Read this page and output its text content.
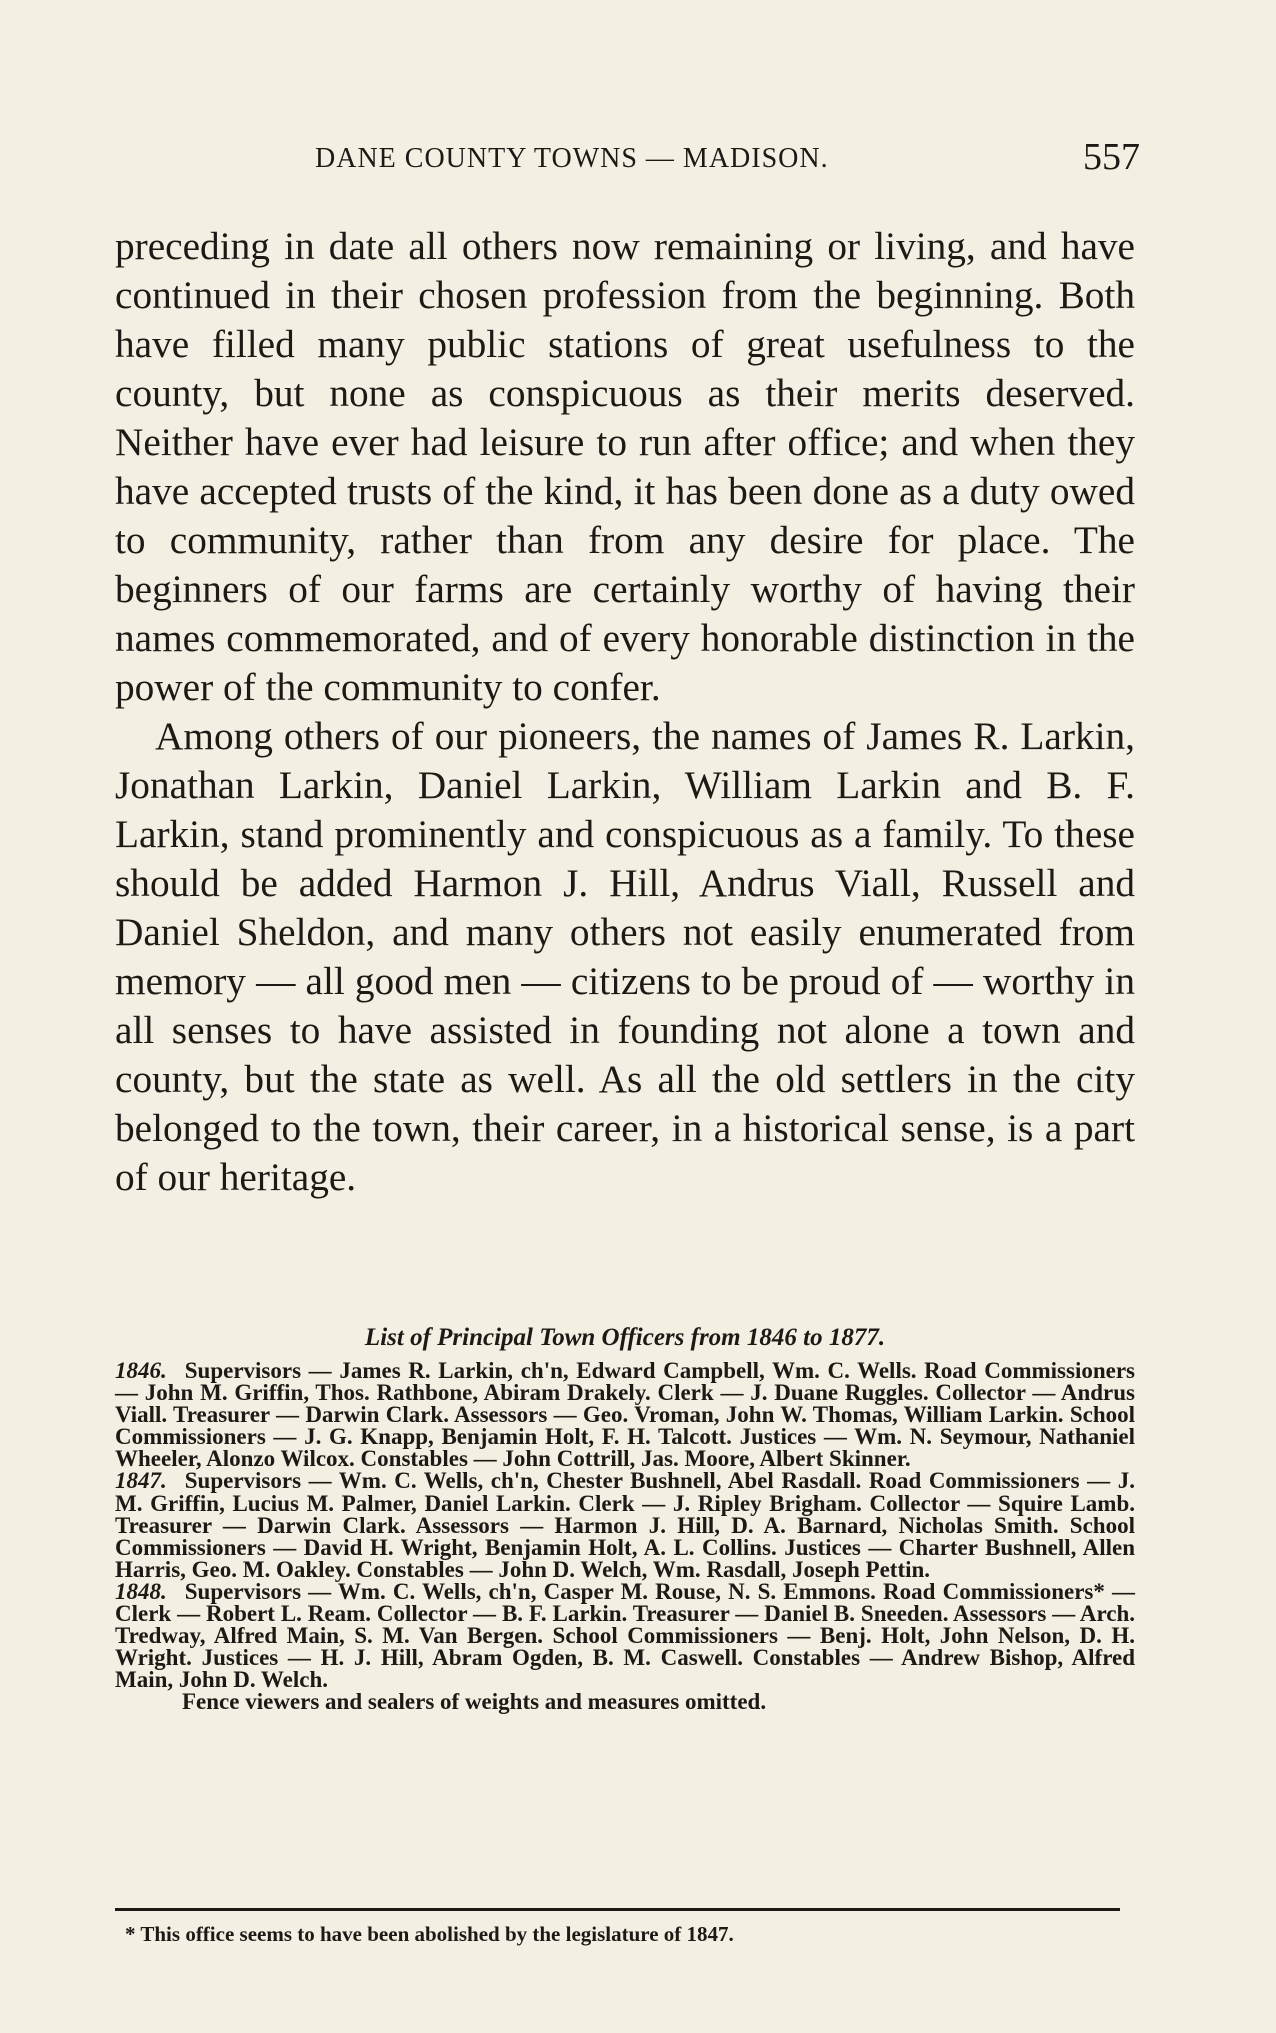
DANE COUNTY TOWNS — MADISON.	557

preceding in date all others now remaining or living, and have continued in their chosen profession from the beginning. Both have filled many public stations of great usefulness to the county, but none as conspicuous as their merits deserved. Neither have ever had leisure to run after office; and when they have accepted trusts of the kind, it has been done as a duty owed to community, rather than from any desire for place. The beginners of our farms are certainly worthy of having their names commemorated, and of every honorable distinction in the power of the community to confer.

Among others of our pioneers, the names of James R. Larkin, Jonathan Larkin, Daniel Larkin, William Larkin and B. F. Larkin, stand prominently and conspicuous as a family. To these should be added Harmon J. Hill, Andrus Viall, Russell and Daniel Sheldon, and many others not easily enumerated from memory — all good men — citizens to be proud of — worthy in all senses to have assisted in founding not alone a town and county, but the state as well. As all the old settlers in the city belonged to the town, their career, in a historical sense, is a part of our heritage.

List of Principal Town Officers from 1846 to 1877.

1846. Supervisors — James R. Larkin, ch'n, Edward Campbell, Wm. C. Wells. Road Commissioners — John M. Griffin, Thos. Rathbone, Abiram Drakely. Clerk — J. Duane Ruggles. Collector — Andrus Viall. Treasurer — Darwin Clark. Assessors — Geo. Vroman, John W. Thomas, William Larkin. School Commissioners — J. G. Knapp, Benjamin Holt, F. H. Talcott. Justices — Wm. N. Seymour, Nathaniel Wheeler, Alonzo Wilcox. Constables — John Cottrill, Jas. Moore, Albert Skinner.

1847. Supervisors — Wm. C. Wells, ch'n, Chester Bushnell, Abel Rasdall. Road Commissioners — J. M. Griffin, Lucius M. Palmer, Daniel Larkin. Clerk — J. Ripley Brigham. Collector — Squire Lamb. Treasurer — Darwin Clark. Assessors — Harmon J. Hill, D. A. Barnard, Nicholas Smith. School Commissioners — David H. Wright, Benjamin Holt, A. L. Collins. Justices — Charter Bushnell, Allen Harris, Geo. M. Oakley. Constables — John D. Welch, Wm. Rasdall, Joseph Pettin.

1848. Supervisors — Wm. C. Wells, ch'n, Casper M. Rouse, N. S. Emmons. Road Commissioners* — Clerk — Robert L. Ream. Collector — B. F. Larkin. Treasurer — Daniel B. Sneeden. Assessors — Arch. Tredway, Alfred Main, S. M. Van Bergen. School Commissioners — Benj. Holt, John Nelson, D. H. Wright. Justices — H. J. Hill, Abram Ogden, B. M. Caswell. Constables — Andrew Bishop, Alfred Main, John D. Welch.

Fence viewers and sealers of weights and measures omitted.

* This office seems to have been abolished by the legislature of 1847.
